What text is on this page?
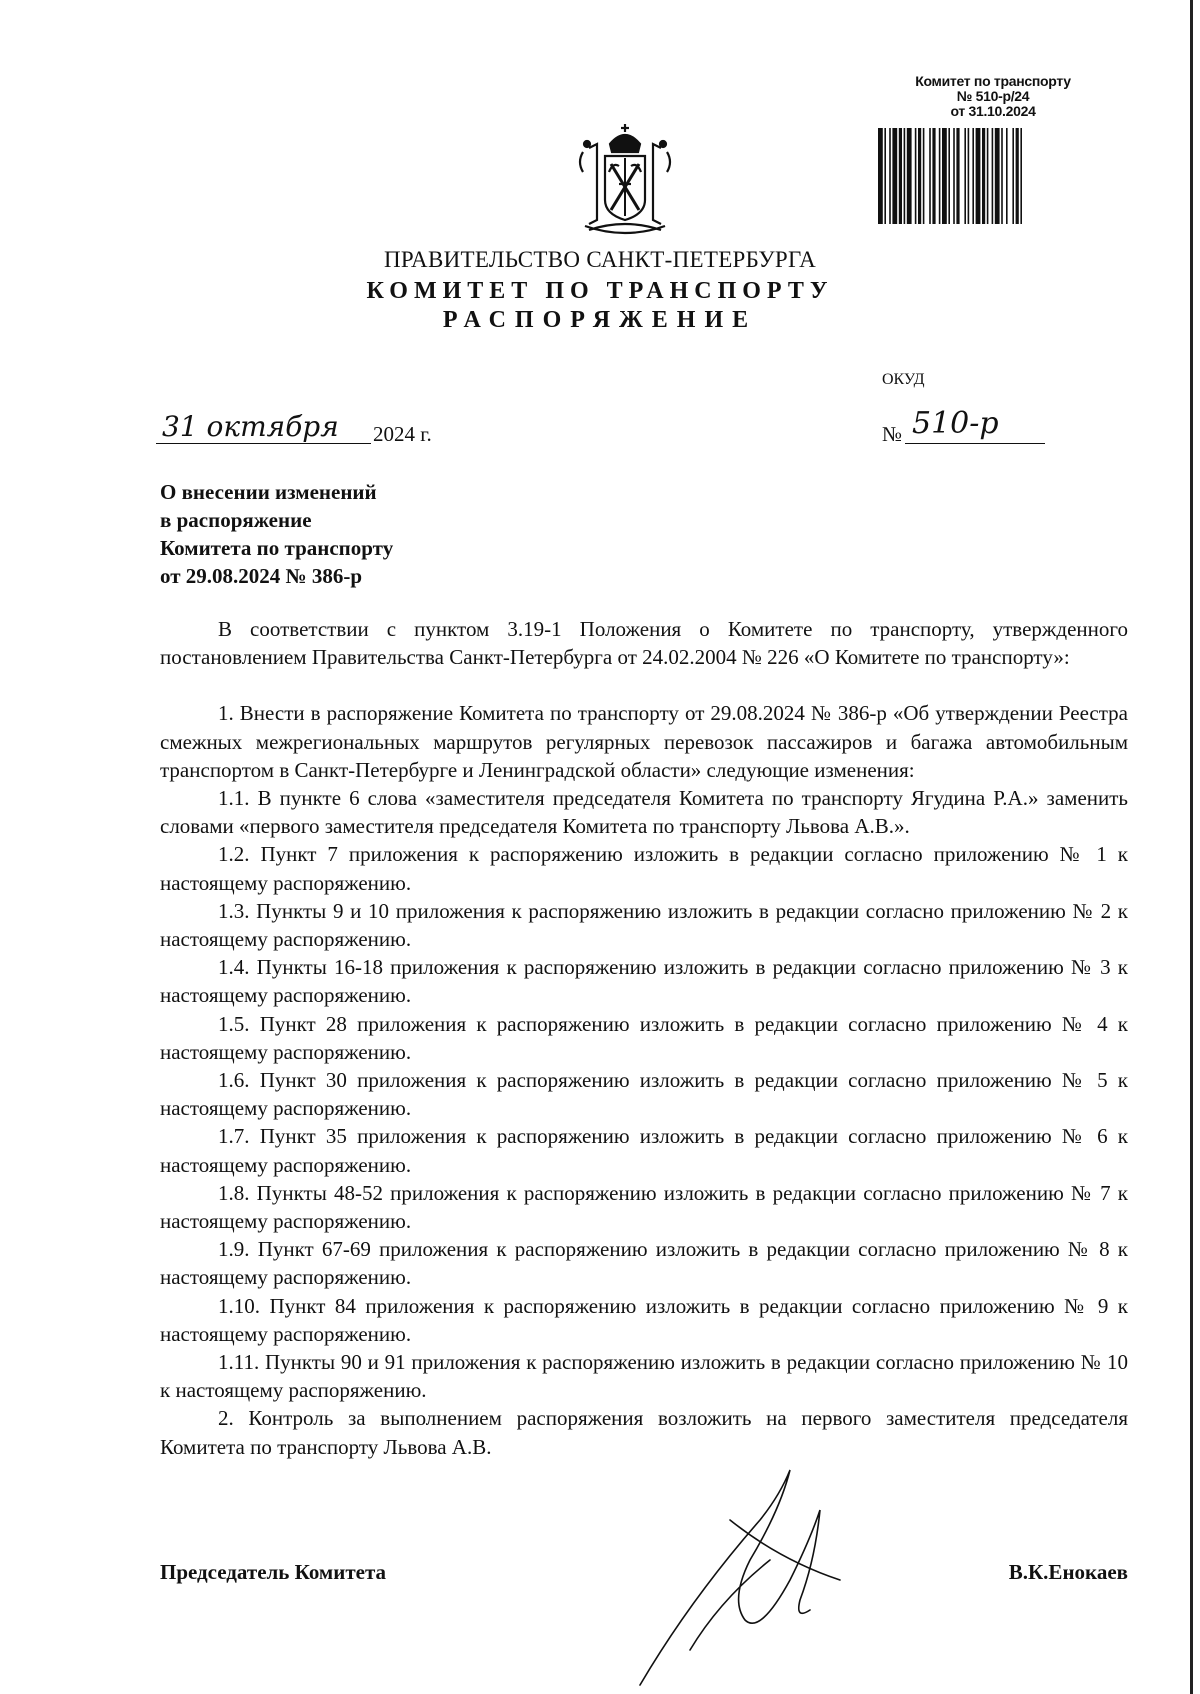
Комитет по транспорту
№ 510-р/24
от 31.10.2024
ПРАВИТЕЛЬСТВО САНКТ-ПЕТЕРБУРГА
КОМИТЕТ ПО ТРАНСПОРТУ
РАСПОРЯЖЕНИЕ
ОКУД
31 октября 2024 г.	№ 510-р
О внесении изменений
в распоряжение
Комитета по транспорту
от 29.08.2024 № 386-р

В соответствии с пунктом 3.19-1 Положения о Комитете по транспорту, утвержденного постановлением Правительства Санкт-Петербурга от 24.02.2004 № 226 «О Комитете по транспорту»:

1. Внести в распоряжение Комитета по транспорту от 29.08.2024 № 386-р «Об утверждении Реестра смежных межрегиональных маршрутов регулярных перевозок пассажиров и багажа автомобильным транспортом в Санкт-Петербурге и Ленинградской области» следующие изменения:

1.1. В пункте 6 слова «заместителя председателя Комитета по транспорту Ягудина Р.А.» заменить словами «первого заместителя председателя Комитета по транспорту Львова А.В.».

1.2. Пункт 7 приложения к распоряжению изложить в редакции согласно приложению № 1 к настоящему распоряжению.

1.3. Пункты 9 и 10 приложения к распоряжению изложить в редакции согласно приложению № 2 к настоящему распоряжению.

1.4. Пункты 16-18 приложения к распоряжению изложить в редакции согласно приложению № 3 к настоящему распоряжению.

1.5. Пункт 28 приложения к распоряжению изложить в редакции согласно приложению № 4 к настоящему распоряжению.

1.6. Пункт 30 приложения к распоряжению изложить в редакции согласно приложению № 5 к настоящему распоряжению.

1.7. Пункт 35 приложения к распоряжению изложить в редакции согласно приложению № 6 к настоящему распоряжению.

1.8. Пункты 48-52 приложения к распоряжению изложить в редакции согласно приложению № 7 к настоящему распоряжению.

1.9. Пункт 67-69 приложения к распоряжению изложить в редакции согласно приложению № 8 к настоящему распоряжению.

1.10. Пункт 84 приложения к распоряжению изложить в редакции согласно приложению № 9 к настоящему распоряжению.

1.11. Пункты 90 и 91 приложения к распоряжению изложить в редакции согласно приложению № 10 к настоящему распоряжению.

2. Контроль за выполнением распоряжения возложить на первого заместителя председателя Комитета по транспорту Львова А.В.

Председатель Комитета	В.К.Енокаев
